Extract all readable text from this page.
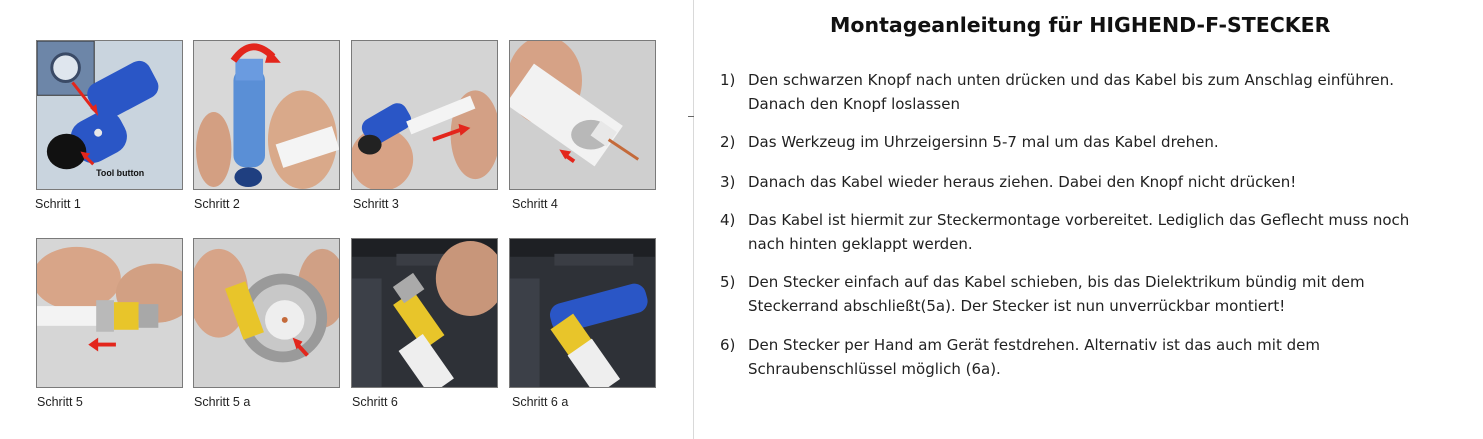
Tool button
Schritt 1	Schritt 2	Schritt 3	Schritt 4
Schritt 5	Schritt 5 a	Schritt 6	Schritt 6 a
Montageanleitung für HIGHEND-F-STECKER
1) Den schwarzen Knopf nach unten drücken und das Kabel bis zum Anschlag einführen.
Danach den Knopf loslassen
2) Das Werkzeug im Uhrzeigersinn 5-7 mal um das Kabel drehen.
3) Danach das Kabel wieder heraus ziehen. Dabei den Knopf nicht drücken!
4) Das Kabel ist hiermit zur Steckermontage vorbereitet. Lediglich das Geflecht muss noch
nach hinten geklappt werden.
5) Den Stecker einfach auf das Kabel schieben, bis das Dielektrikum bündig mit dem
Steckerrand abschließt(5a). Der Stecker ist nun unverrückbar montiert!
6) Den Stecker per Hand am Gerät festdrehen. Alternativ ist das auch mit dem
Schraubenschlüssel möglich (6a).
